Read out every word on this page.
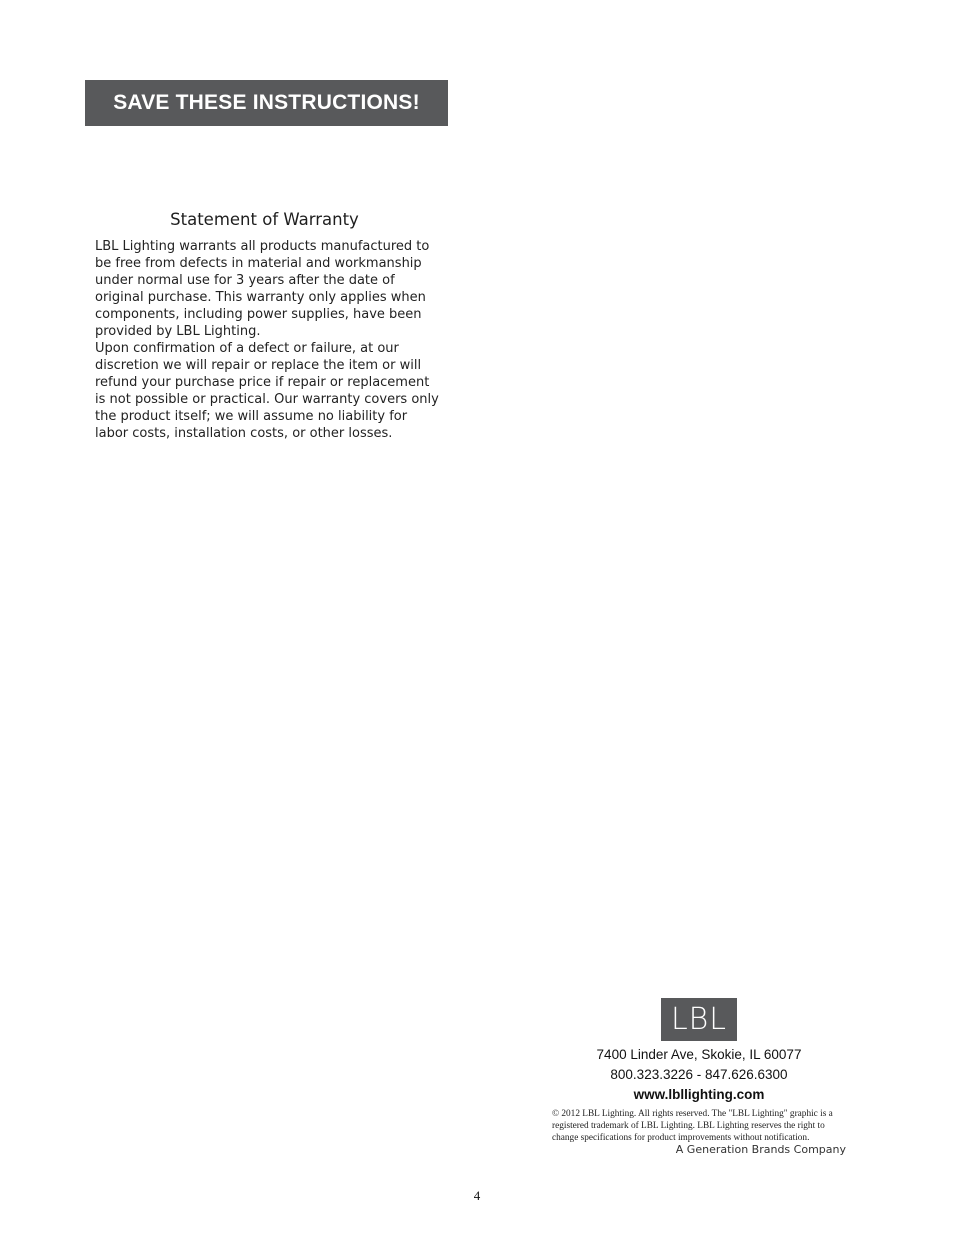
SAVE THESE INSTRUCTIONS!
Statement of Warranty

LBL Lighting warrants all products manufactured to be free from defects in material and workmanship under normal use for 3 years after the date of original purchase. This warranty only applies when components, including power supplies, have been provided by LBL Lighting.

Upon confirmation of a defect or failure, at our discretion we will repair or replace the item or will refund your purchase price if repair or replacement is not possible or practical. Our warranty covers only the product itself; we will assume no liability for labor costs, installation costs, or other losses.

LBL
7400 Linder Ave, Skokie, IL 60077
800.323.3226 - 847.626.6300
www.lbllighting.com
© 2012 LBL Lighting. All rights reserved. The "LBL Lighting" graphic is a registered trademark of LBL Lighting. LBL Lighting reserves the right to change specifications for product improvements without notification.
A Generation Brands Company
4
